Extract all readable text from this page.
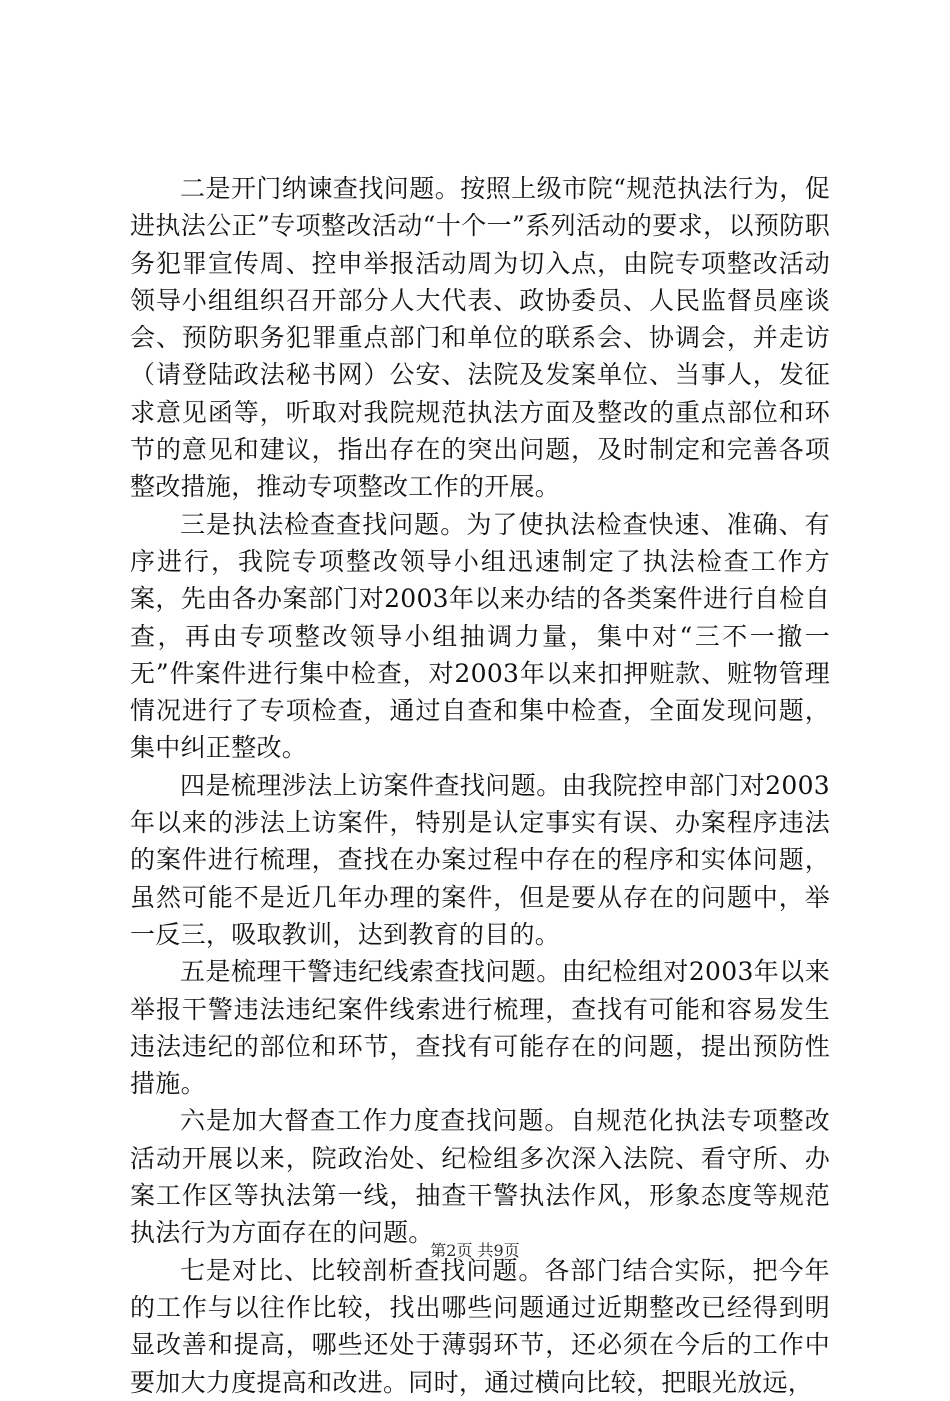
二是开门纳谏查找问题。按照上级市院“规范执法行为，促进执法公正”专项整改活动“十个一”系列活动的要求，以预防职务犯罪宣传周、控申举报活动周为切入点，由院专项整改活动领导小组组织召开部分人大代表、政协委员、人民监督员座谈会、预防职务犯罪重点部门和单位的联系会、协调会，并走访（请登陆政法秘书网）公安、法院及发案单位、当事人，发征求意见函等，听取对我院规范执法方面及整改的重点部位和环节的意见和建议，指出存在的突出问题，及时制定和完善各项整改措施，推动专项整改工作的开展。

三是执法检查查找问题。为了使执法检查快速、准确、有序进行，我院专项整改领导小组迅速制定了执法检查工作方案，先由各办案部门对2003年以来办结的各类案件进行自检自查，再由专项整改领导小组抽调力量，集中对“三不一撤一无”件案件进行集中检查，对2003年以来扣押赃款、赃物管理情况进行了专项检查，通过自查和集中检查，全面发现问题，集中纠正整改。

四是梳理涉法上访案件查找问题。由我院控申部门对2003年以来的涉法上访案件，特别是认定事实有误、办案程序违法的案件进行梳理，查找在办案过程中存在的程序和实体问题，虽然可能不是近几年办理的案件，但是要从存在的问题中，举一反三，吸取教训，达到教育的目的。

五是梳理干警违纪线索查找问题。由纪检组对2003年以来举报干警违法违纪案件线索进行梳理，查找有可能和容易发生违法违纪的部位和环节，查找有可能存在的问题，提出预防性措施。

六是加大督查工作力度查找问题。自规范化执法专项整改活动开展以来，院政治处、纪检组多次深入法院、看守所、办案工作区等执法第一线，抽查干警执法作风，形象态度等规范执法行为方面存在的问题。

七是对比、比较剖析查找问题。各部门结合实际，把今年的工作与以往作比较，找出哪些问题通过近期整改已经得到明显改善和提高，哪些还处于薄弱环节，还必须在今后的工作中要加大力度提高和改进。同时，通过横向比较，把眼光放远，

第2页 共9页
